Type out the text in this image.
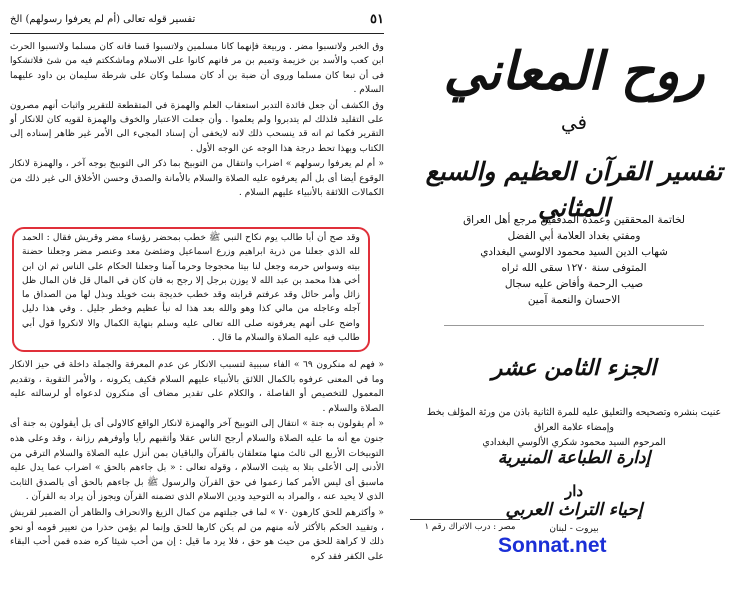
٥١
تفسير قوله تعالى (أم لم يعرفوا رسولهم) الخ

وق الخبر ولاتسبوا مضر . وربيعة فإنهما كانا مسلمين ولاتسبوا قسا فانه كان مسلما ولاتسبوا الحرث ابن كعب والأسد بن خزيمة وتميم بن مر فانهم كانوا على الاسلام وماشككتم فيه من شئ فلاتشكوا فى أن تبعا كان مسلما وروى أن ضبة بن أد كان مسلما وكان على شرطة سليمان بن داود عليهما السلام .

وق الكشف أن جعل فائدة التدبر استعقاب العلم والهمزة في المتقطعة للتقرير واثبات أنهم مصرون على التقليد فلذلك لم يتدبروا ولم يعلموا . وأن جعلت الاعتبار والخوف والهمزة لقويه كان للانكار أو التقرير فكما ثم انه قد ينسحب ذلك لانه لايخفى أن إسناد المجيء الى الأمر غير ظاهر إسناده إلى الكتاب وبهذا تحط درجة هذا الوجه عن الوجه الأول .

« أم لم يعرفوا رسولهم » اضراب وانتقال من التوبيخ بما ذكر الى التوبيخ بوجه آخر ، والهمزة لانكار الوقوع أيضا أى بل ألم يعرفوه عليه الصلاة والسلام بالأمانة والصدق وحسن الأخلاق الى غير ذلك من الكمالات اللائقة بالأنبياء عليهم السلام .

وقد صح أن أبا طالب يوم نكاح النبي ﷺ خطب بمحضر رؤساء مضر وقريش فقال : الحمد لله الذي جعلنا من ذرية ابراهيم وزرع اسماعيل وضئضئ معد وعنصر مضر وجعلنا حضنة بيته وسواس حرمه وجعل لنا بيتا محجوجا وحرما آمنا وجعلنا الحكام على الناس ثم ان ابن أخي هذا محمد بن عبد الله لا يوزن برجل إلا رجح به فان كان في المال قل فان المال ظل زائل وأمر حائل وقد عرفتم قرابته وقد خطب خديجة بنت خويلد وبذل لها من الصداق ما آجله وعاجله من مالي كذا وهو والله بعد هذا له نبأ عظيم وخطر جليل . وفي هذا دليل واضح على أنهم يعرفونه صلى الله تعالى عليه وسلم بنهاية الكمال والا لانكروا قول أبي طالب فيه عليه الصلاة والسلام ما قال .

« فهم له منكرون ٦٩ » الفاء سببية لتسبب الانكار عن عدم المعرفة والجملة داخلة في حيز الانكار وما في المعنى عرفوه بالكمال اللائق بالأنبياء عليهم السلام فكيف يكرونه ، والأمر التقوية ، وتقديم المعمول للتخصيص أو الفاصلة ، والكلام على تقدير مضاف أى منكرون لدعواه أو لرسالته عليه الصلاة والسلام .

« أم يقولون به جنة » انتقال إلى التوبيخ آخر والهمزة لانكار الواقع كالاولى أى بل أيقولون به جنة أى جنون مع أنه ما عليه الصلاة والسلام أرجح الناس عقلا وأثقبهم رأيا وأوفرهم رزانة ، وقد وعلى هذه التوبيخات الأربع الى ثالث منها متعلقان بالقرآن والباقيان بمن أنزل عليه الصلاة والسلام الترقي من الأدنى إلى الأعلى بتلا به يثبت الاسلام ، وقوله تعالى : « بل جاءهم بالحق » اضراب عما يدل عليه ماسبق أى ليس الأمر كما زعموا في حق القرآن والرسول ﷺ بل جاءهم بالحق أى بالصدق الثابت الذي لا يحيد عنه ، والمراد به التوحيد ودين الاسلام الذي تضمنه القرآن ويجوز أن يراد به القرآن .

« وأكثرهم للحق كارهون ٧٠ » لما في جبلتهم من كمال الزيغ والانحراف والظاهر أن الضمير لقريش ، وتقييد الحكم بالأكثر لأنه منهم من لم يكن كارها للحق وإنما لم يؤمن حذرا من تعيير قومه أو نحو ذلك لا كراهة للحق من حيث هو حق ، فلا يرد ما قيل : إن من أحب شيئا كره ضده فمن أحب البقاء على الكفر فقد كره

روح المعاني
في
تفسير القرآن العظيم والسبع المثاني
لخاتمة المحققين وعمدة المدققين مرجع أهل العراق
ومفتي بغداد العلامة أبي الفضل
شهاب الدين السيد محمود الالوسي البغدادي
المتوفى سنة ١٢٧٠ سقى الله ثراه
صيب الرحمة وأفاض عليه سجال
الاحسان والنعمة آمين
الجزء الثامن عشر
عنيت بنشره وتصحيحه والتعليق عليه للمرة الثانية باذن من ورثة المؤلف بخط وإمضاء علامة العراق
المرحوم السيد محمود شكري الألوسي البغدادي
إدارة الطباعة المنيرية
دار
إحياء التراث العربي
بيروت - لبنان
مصر : درب الاتراك رقم ١
Sonnat.net
